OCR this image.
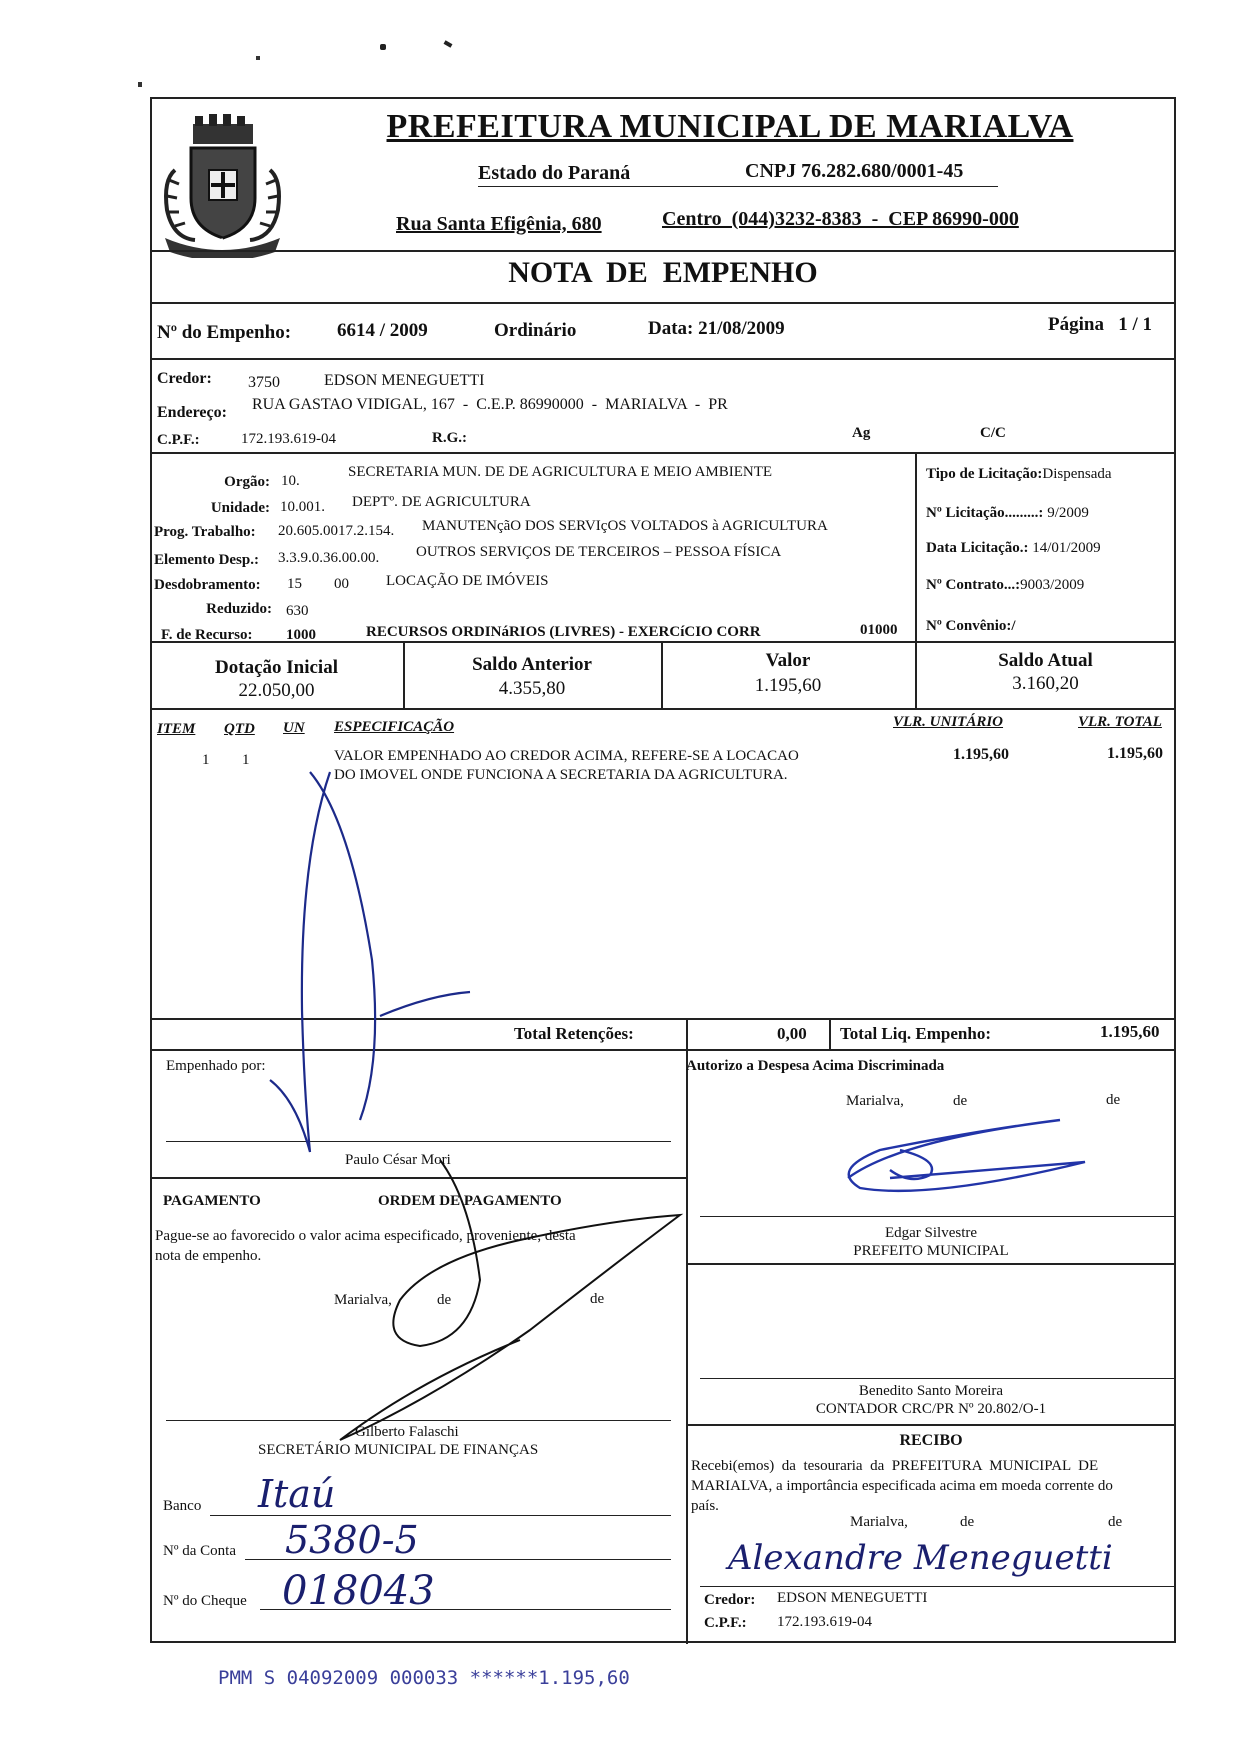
MARIALVA
PREFEITURA MUNICIPAL DE MARIALVA
Estado do Paraná	CNPJ 76.282.680/0001-45
Rua Santa Efigênia, 680	Centro  (044)3232-8383  -  CEP 86990-000
NOTA  DE  EMPENHO
Nº do Empenho: 6614 / 2009	Ordinário	Data: 21/08/2009	Página   1 / 1
Credor: 3750	EDSON MENEGUETTI
Endereço: RUA GASTAO VIDIGAL, 167  -  C.E.P. 86990000  -  MARIALVA  -  PR
C.P.F.:	172.193.619-04	R.G.:	Ag	C/C
Orgão: 10.
SECRETARIA MUN. DE DE AGRICULTURA E MEIO AMBIENTE
Unidade: 10.001. DEPTº. DE AGRICULTURA
Prog. Trabalho: 20.605.0017.2.154. MANUTENçãO DOS SERVIçOS VOLTADOS à AGRICULTURA
Elemento Desp.: 3.3.9.0.36.00.00. OUTROS SERVIÇOS DE TERCEIROS – PESSOA FÍSICA
Desdobramento: 15 00 LOCAÇÃO DE IMÓVEIS
Reduzido: 630
F. de Recurso: 1000	RECURSOS ORDINáRIOS (LIVRES) - EXERCíCIO CORR	01000
Tipo de Licitação:Dispensada
Nº Licitação.........: 9/2009
Data Licitação.: 14/01/2009
Nº Contrato...:9003/2009
Nº Convênio:/
Dotação Inicial
22.050,00
Saldo Anterior
4.355,80
Valor
1.195,60
Saldo Atual
3.160,20
ITEM QTD UN ESPECIFICAÇÃO	VLR. UNITÁRIO	VLR. TOTAL
1 1	VALOR EMPENHADO AO CREDOR ACIMA, REFERE-SE A LOCACAO
DO IMOVEL ONDE FUNCIONA A SECRETARIA DA AGRICULTURA.
1.195,60	1.195,60
Total Retenções:	0,00 Total Liq. Empenho:	1.195,60
Empenhado por:
Paulo César Mori
Autorizo a Despesa Acima Discriminada
Marialva,	de	de
Edgar Silvestre
PREFEITO MUNICIPAL
PAGAMENTO	ORDEM DE PAGAMENTO
Pague-se ao favorecido o valor acima especificado, proveniente, desta
nota de empenho.
Marialva,	de	de
Gilberto Falaschi
SECRETÁRIO MUNICIPAL DE FINANÇAS
Banco Itaú
Nº da Conta 5380-5
Nº do Cheque 018043
Benedito Santo Moreira
CONTADOR CRC/PR Nº 20.802/O-1
RECIBO
Recebi(emos)  da  tesouraria  da  PREFEITURA  MUNICIPAL  DE
MARIALVA, a importância especificada acima em moeda corrente do
país.
Marialva,	de	de
Alexandre Meneguetti
Credor: EDSON MENEGUETTI
C.P.F.: 172.193.619-04
PMM S 04092009 000033 ******1.195,60
